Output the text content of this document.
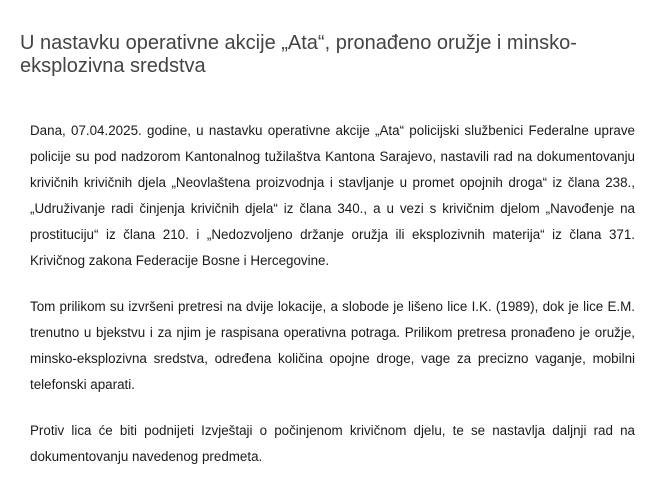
U nastavku operativne akcije „Ata“, pronađeno oružje i minsko-eksplozivna sredstva

Dana, 07.04.2025. godine, u nastavku operativne akcije „Ata“ policijski službenici Federalne uprave policije su pod nadzorom Kantonalnog tužilaštva Kantona Sarajevo, nastavili rad na dokumentovanju krivičnih krivičnih djela „Neovlaštena proizvodnja i stavljanje u promet opojnih droga“ iz člana 238., „Udruživanje radi činjenja krivičnih djela“ iz člana 340., a u vezi s krivičnim djelom „Navođenje na prostituciju“ iz člana 210. i „Nedozvoljeno držanje oružja ili eksplozivnih materija“ iz člana 371. Krivičnog zakona Federacije Bosne i Hercegovine.

Tom prilikom su izvršeni pretresi na dvije lokacije, a slobode je lišeno lice I.K. (1989), dok je lice E.M. trenutno u bjekstvu i za njim je raspisana operativna potraga. Prilikom pretresa pronađeno je oružje, minsko-eksplozivna sredstva, određena količina opojne droge, vage za precizno vaganje, mobilni telefonski aparati.

Protiv lica će biti podnijeti Izvještaji o počinjenom krivičnom djelu, te se nastavlja daljnji rad na dokumentovanju navedenog predmeta.
